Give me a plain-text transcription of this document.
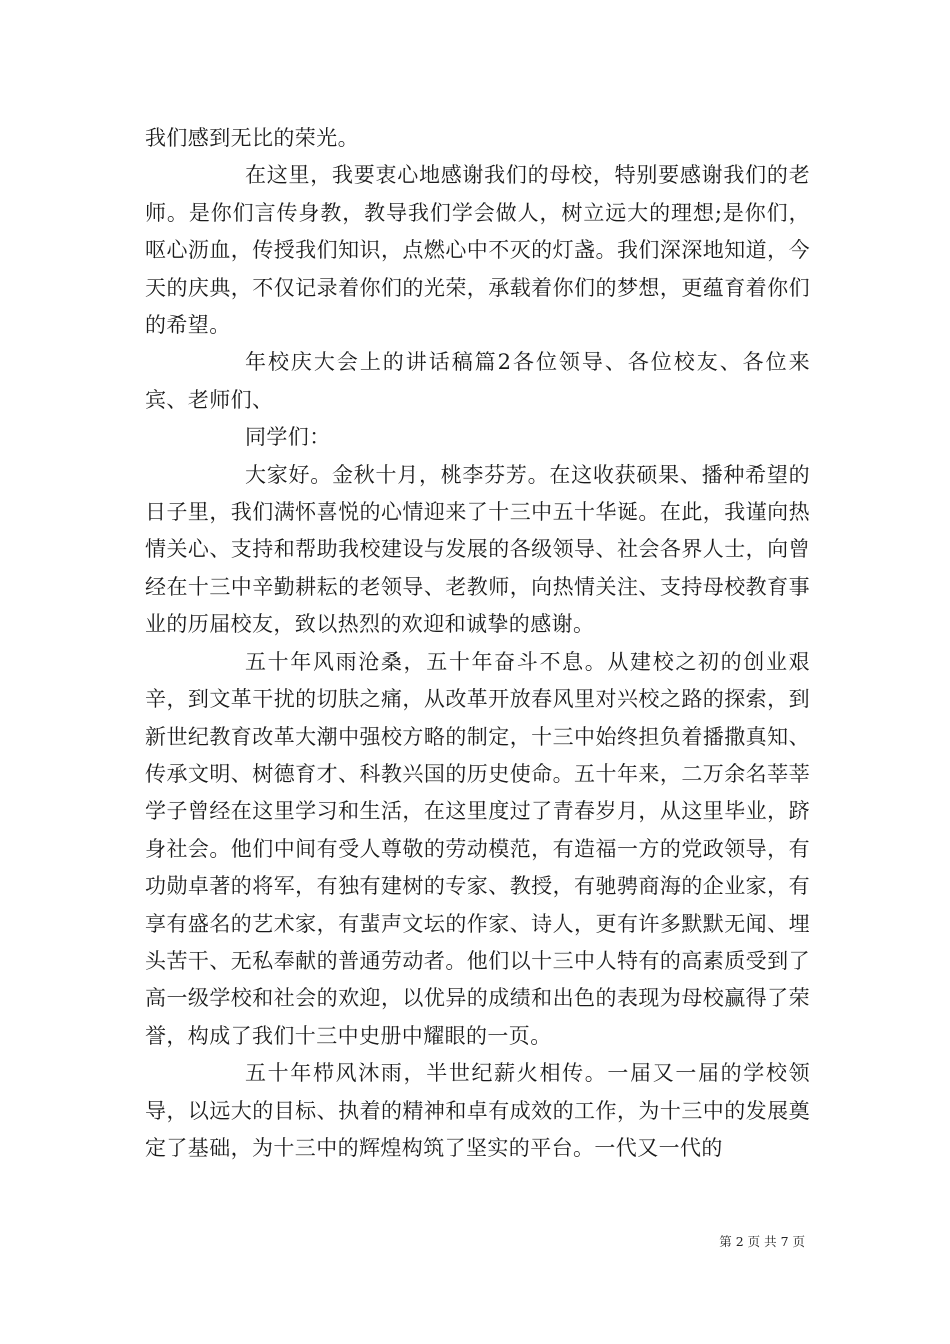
我们感到无比的荣光。

在这里，我要衷心地感谢我们的母校，特别要感谢我们的老师。是你们言传身教，教导我们学会做人，树立远大的理想;是你们，呕心沥血，传授我们知识，点燃心中不灭的灯盏。我们深深地知道，今天的庆典，不仅记录着你们的光荣，承载着你们的梦想，更蕴育着你们的希望。

年校庆大会上的讲话稿篇2各位领导、各位校友、各位来宾、老师们、

同学们：

大家好。金秋十月，桃李芬芳。在这收获硕果、播种希望的日子里，我们满怀喜悦的心情迎来了十三中五十华诞。在此，我谨向热情关心、支持和帮助我校建设与发展的各级领导、社会各界人士，向曾经在十三中辛勤耕耘的老领导、老教师，向热情关注、支持母校教育事业的历届校友，致以热烈的欢迎和诚挚的感谢。

五十年风雨沧桑，五十年奋斗不息。从建校之初的创业艰辛，到文革干扰的切肤之痛，从改革开放春风里对兴校之路的探索，到新世纪教育改革大潮中强校方略的制定，十三中始终担负着播撒真知、传承文明、树德育才、科教兴国的历史使命。五十年来，二万余名莘莘学子曾经在这里学习和生活，在这里度过了青春岁月，从这里毕业，跻身社会。他们中间有受人尊敬的劳动模范，有造福一方的党政领导，有功勋卓著的将军，有独有建树的专家、教授，有驰骋商海的企业家，有享有盛名的艺术家，有蜚声文坛的作家、诗人，更有许多默默无闻、埋头苦干、无私奉献的普通劳动者。他们以十三中人特有的高素质受到了高一级学校和社会的欢迎，以优异的成绩和出色的表现为母校赢得了荣誉，构成了我们十三中史册中耀眼的一页。

五十年栉风沐雨，半世纪薪火相传。一届又一届的学校领导，以远大的目标、执着的精神和卓有成效的工作，为十三中的发展奠定了基础，为十三中的辉煌构筑了坚实的平台。一代又一代的

第 2 页 共 7 页
